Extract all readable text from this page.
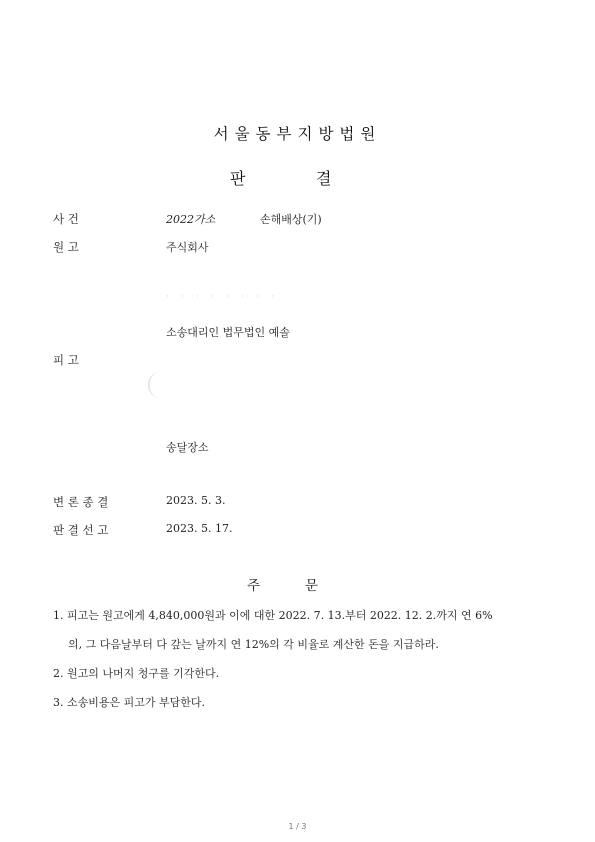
서울동부지방법원
판	결
사 건	2022가소	손해배상(기)
원 고	주식회사
· · · · · · · · ·
소송대리인 법무법인 예솔
피 고
송달장소
변 론 종 결	2023. 5. 3.
판 결 선 고	2023. 5. 17.
주	문
1. 피고는 원고에게 4,840,000원과 이에 대한 2022. 7. 13.부터 2022. 12. 2.까지 연 6%
의, 그 다음날부터 다 갚는 날까지 연 12%의 각 비율로 계산한 돈을 지급하라.
2. 원고의 나머지 청구를 기각한다.
3. 소송비용은 피고가 부담한다.
1 / 3
